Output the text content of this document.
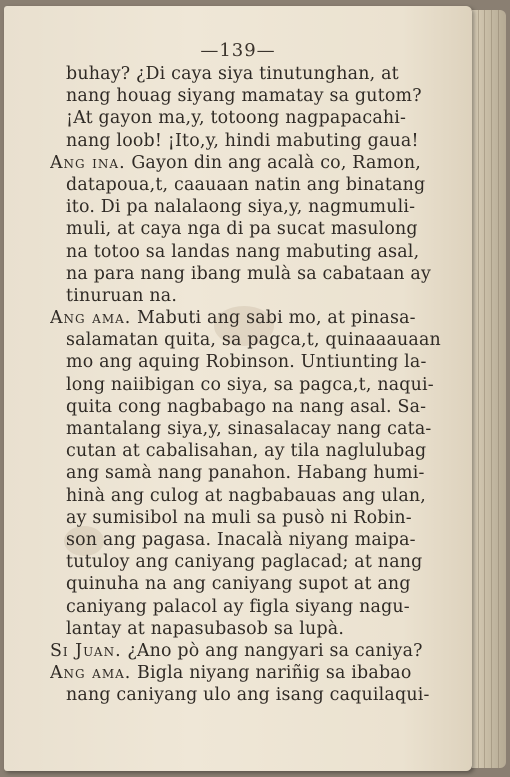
—139—
buhay? ¿Di caya siya tinutunghan, at
nang houag siyang mamatay sa gutom?
¡At gayon ma,y, totoong nagpapacahi-
nang loob! ¡Ito,y, hindi mabuting gaua!
Ang ina. Gayon din ang acalà co, Ramon,
datapoua,t, caauaan natin ang binatang
ito. Di pa nalalaong siya,y, nagmumuli-
muli, at caya nga di pa sucat masulong
na totoo sa landas nang mabuting asal,
na para nang ibang mulà sa cabataan ay
tinuruan na.
Ang ama. Mabuti ang sabi mo, at pinasa-
salamatan quita, sa pagca,t, quinaaauaan
mo ang aquing Robinson. Untiunting la-
long naiibigan co siya, sa pagca,t, naqui-
quita cong nagbabago na nang asal. Sa-
mantalang siya,y, sinasalacay nang cata-
cutan at cabalisahan, ay tila naglulubag
ang samà nang panahon. Habang humi-
hinà ang culog at nagbabauas ang ulan,
ay sumisibol na muli sa pusò ni Robin-
son ang pagasa. Inacalà niyang maipa-
tutuloy ang caniyang paglacad; at nang
quinuha na ang caniyang supot at ang
caniyang palacol ay figla siyang nagu-
lantay at napasubasob sa lupà.
Si Juan. ¿Ano pò ang nangyari sa caniya?
Ang ama. Bigla niyang nariñig sa ibabao
nang caniyang ulo ang isang caquilaqui-
